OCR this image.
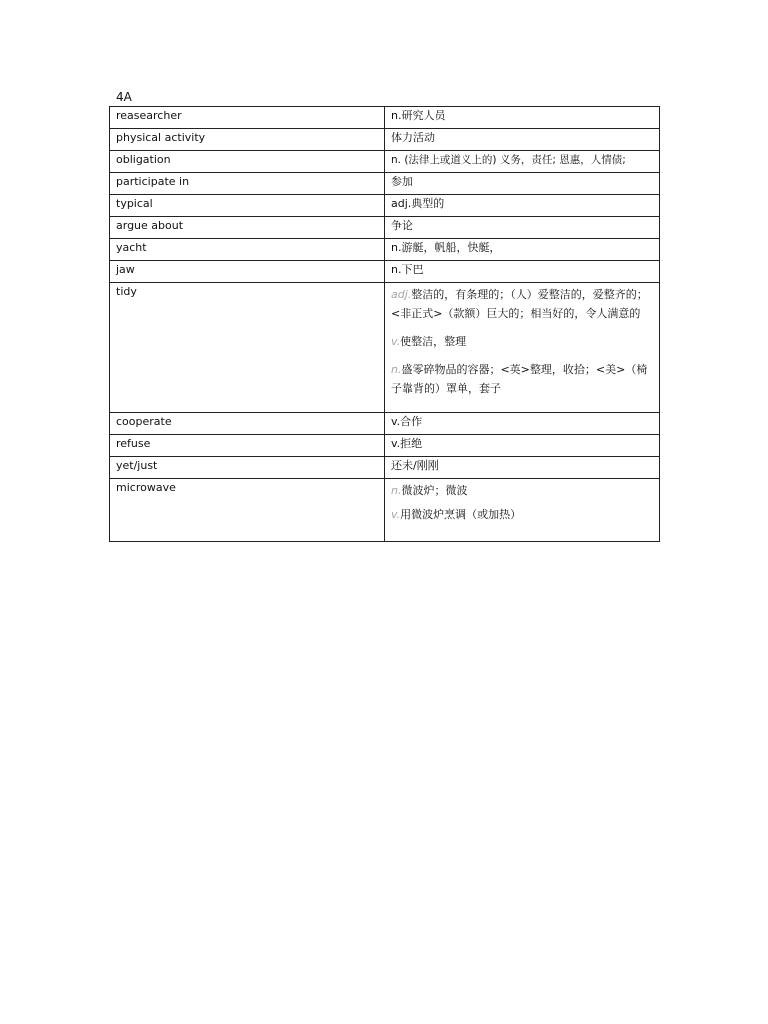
4A
reasearcher	n.研究人员

physical activity	体力活动

obligation	n. (法律上或道义上的) 义务，责任; 恩惠，人情债;

participate in	参加

typical	adj.典型的

argue about	争论

yacht	n.游艇，帆船，快艇，

jaw	n.下巴

tidy	adj.整洁的，有条理的；（人）爱整洁的，爱整齐的；<非正式>（款额）巨大的；相当好的，令人满意的
v.使整洁，整理
n.盛零碎物品的容器；<英>整理，收拾；<美>（椅子靠背的）罩单，套子

cooperate	v.合作

refuse	v.拒绝

yet/just	还未/刚刚

microwave	n.微波炉；微波
v.用微波炉烹调（或加热）
